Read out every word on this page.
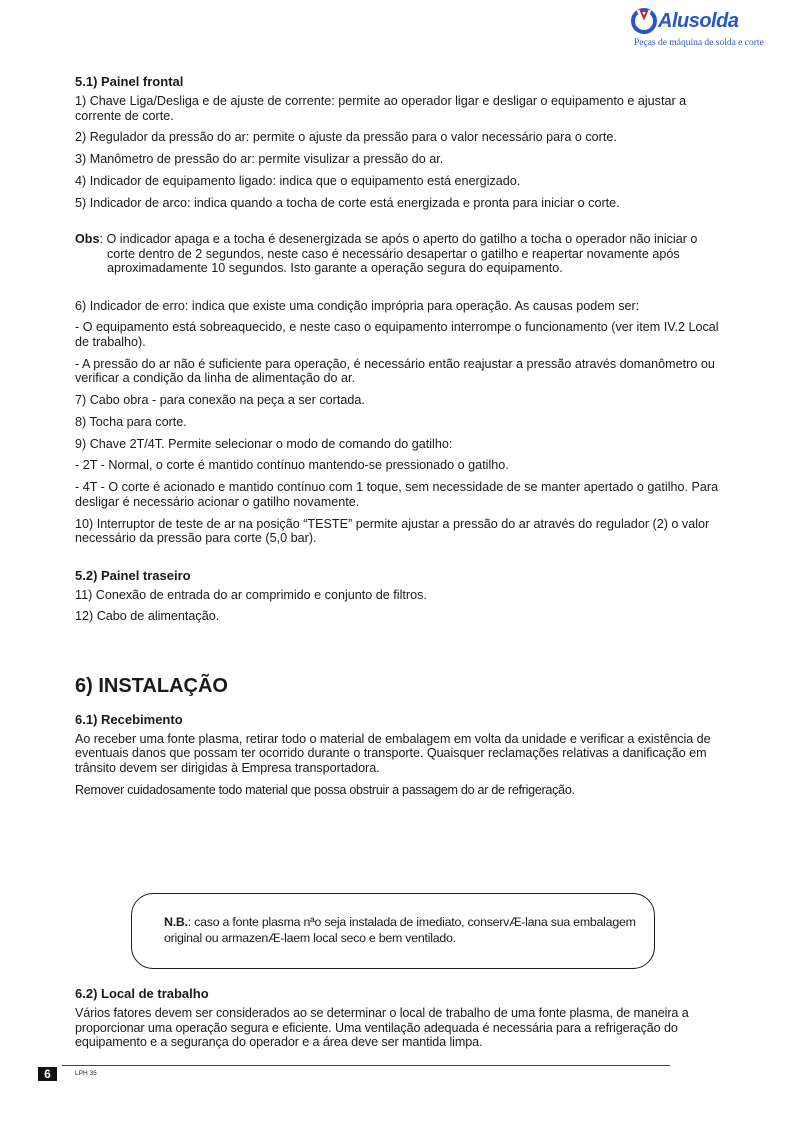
Alusolda
Peças de máquina de solda e corte
5.1) Painel frontal

1) Chave Liga/Desliga e de ajuste de corrente: permite ao operador ligar e desligar o equipamento e ajustar a corrente de corte.

2) Regulador da pressão do ar: permite o ajuste da pressão para o valor necessário para o corte.

3) Manômetro de pressão do ar: permite visulizar a pressão do ar.

4) Indicador de equipamento ligado: indica que o equipamento está energizado.

5) Indicador de arco: indica quando a tocha de corte está energizada e pronta para iniciar o corte.

Obs: O indicador apaga e a tocha é desenergizada se após o aperto do gatilho a tocha o operador não iniciar o corte dentro de 2 segundos, neste caso é necessário desapertar o gatilho e reapertar novamente após aproximadamente 10 segundos. Isto garante a operação segura do equipamento.

6) Indicador de erro: indica que existe uma condição imprópria para operação. As causas podem ser:

- O equipamento está sobreaquecido, e neste caso o equipamento interrompe o funcionamento (ver item IV.2 Local de trabalho).

- A pressão do ar não é suficiente para operação, é necessário então reajustar a pressão através domanômetro ou verificar a condição da linha de alimentação do ar.

7) Cabo obra - para conexão na peça a ser cortada.

8) Tocha para corte.

9) Chave 2T/4T. Permite selecionar o modo de comando do gatilho:

- 2T - Normal, o corte é mantido contínuo mantendo-se pressionado o gatilho.

- 4T - O corte é acionado e mantido contínuo com 1 toque, sem necessidade de se manter apertado o gatilho. Para desligar é necessário acionar o gatilho novamente.

10) Interruptor de teste de ar na posição “TESTE” permite ajustar a pressão do ar através do regulador (2) o valor necessário da pressão para corte (5,0 bar).

5.2) Painel traseiro

11) Conexão de entrada do ar comprimido e conjunto de filtros.

12) Cabo de alimentação.

6) INSTALAÇÃO
6.1) Recebimento

Ao receber uma fonte plasma, retirar todo o material de embalagem em volta da unidade e verificar a existência de eventuais danos que possam ter ocorrido durante o transporte. Quaisquer reclamações relativas a danificação em trânsito devem ser dirigidas à Empresa transportadora.

Remover cuidadosamente todo material que possa obstruir a passagem do ar de refrigeração.

N.B.: caso a fonte plasma nªo seja instalada de imediato, conservÆ-lana sua embalagem original ou armazenÆ-laem local seco e bem ventilado.

6.2) Local de trabalho

Vários fatores devem ser considerados ao se determinar o local de trabalho de uma fonte plasma, de maneira a proporcionar uma operação segura e eficiente. Uma ventilação adequada é necessária para a refrigeração do equipamento e a segurança do operador e a área deve ser mantida limpa.

6	LPH 35
